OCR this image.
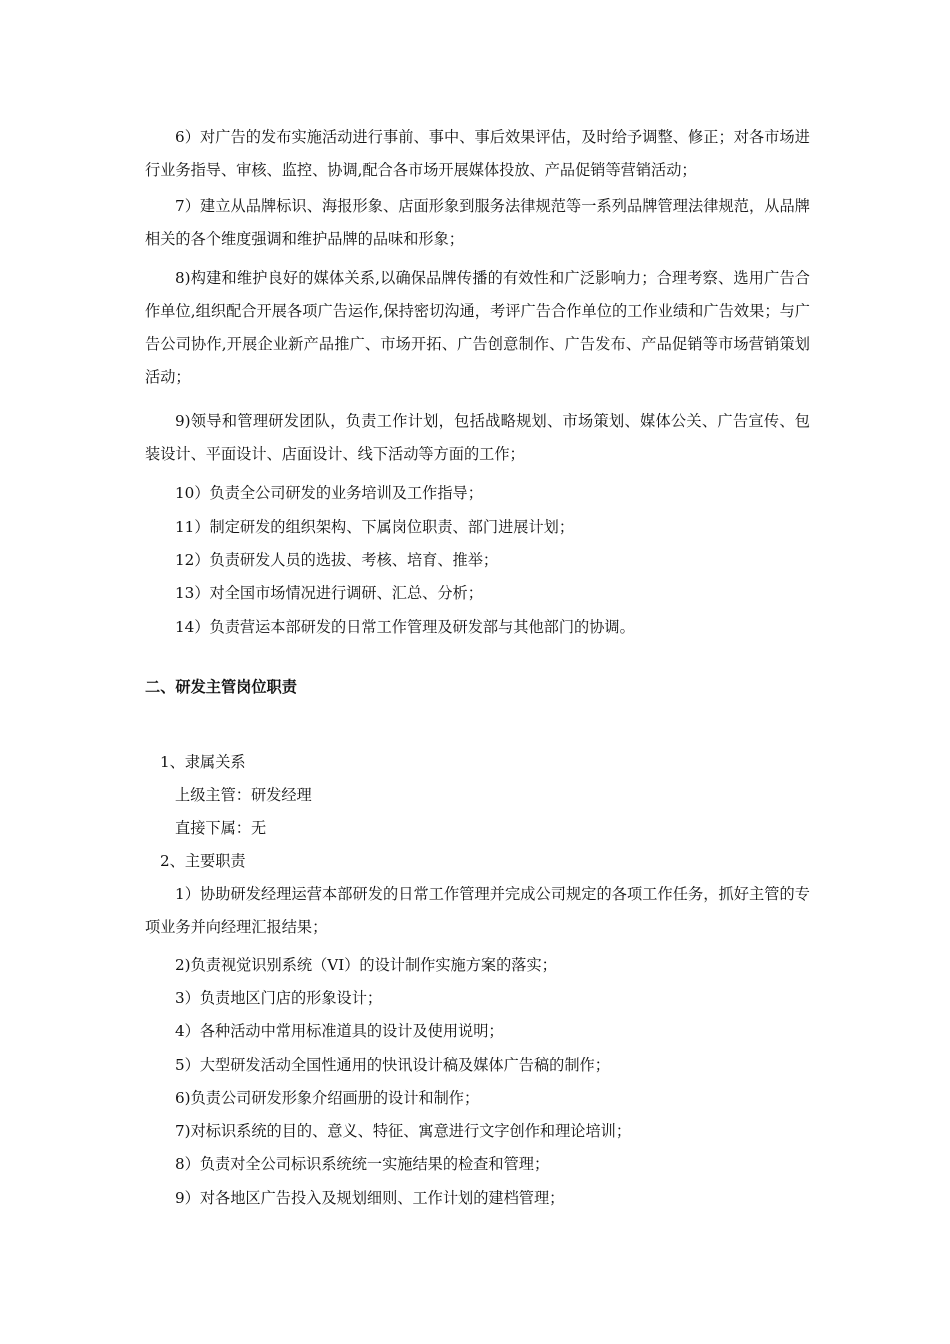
6）对广告的发布实施活动进行事前、事中、事后效果评估，及时给予调整、修正；对各市场进行业务指导、审核、监控、协调,配合各市场开展媒体投放、产品促销等营销活动；

7）建立从品牌标识、海报形象、店面形象到服务法律规范等一系列品牌管理法律规范，从品牌相关的各个维度强调和维护品牌的品味和形象；

8)构建和维护良好的媒体关系,以确保品牌传播的有效性和广泛影响力；合理考察、选用广告合作单位,组织配合开展各项广告运作,保持密切沟通，考评广告合作单位的工作业绩和广告效果；与广告公司协作,开展企业新产品推广、市场开拓、广告创意制作、广告发布、产品促销等市场营销策划活动；

9)领导和管理研发团队，负责工作计划，包括战略规划、市场策划、媒体公关、广告宣传、包装设计、平面设计、店面设计、线下活动等方面的工作；

10）负责全公司研发的业务培训及工作指导；

11）制定研发的组织架构、下属岗位职责、部门进展计划；

12）负责研发人员的选拔、考核、培育、推举；

13）对全国市场情况进行调研、汇总、分析；

14）负责营运本部研发的日常工作管理及研发部与其他部门的协调。

二、研发主管岗位职责

1、隶属关系

上级主管：研发经理

直接下属：无

2、主要职责

1）协助研发经理运营本部研发的日常工作管理并完成公司规定的各项工作任务，抓好主管的专项业务并向经理汇报结果；

2)负责视觉识别系统（VI）的设计制作实施方案的落实；

3）负责地区门店的形象设计；

4）各种活动中常用标准道具的设计及使用说明；

5）大型研发活动全国性通用的快讯设计稿及媒体广告稿的制作；

6)负责公司研发形象介绍画册的设计和制作；

7)对标识系统的目的、意义、特征、寓意进行文字创作和理论培训；

8）负责对全公司标识系统统一实施结果的检查和管理；

9）对各地区广告投入及规划细则、工作计划的建档管理；
